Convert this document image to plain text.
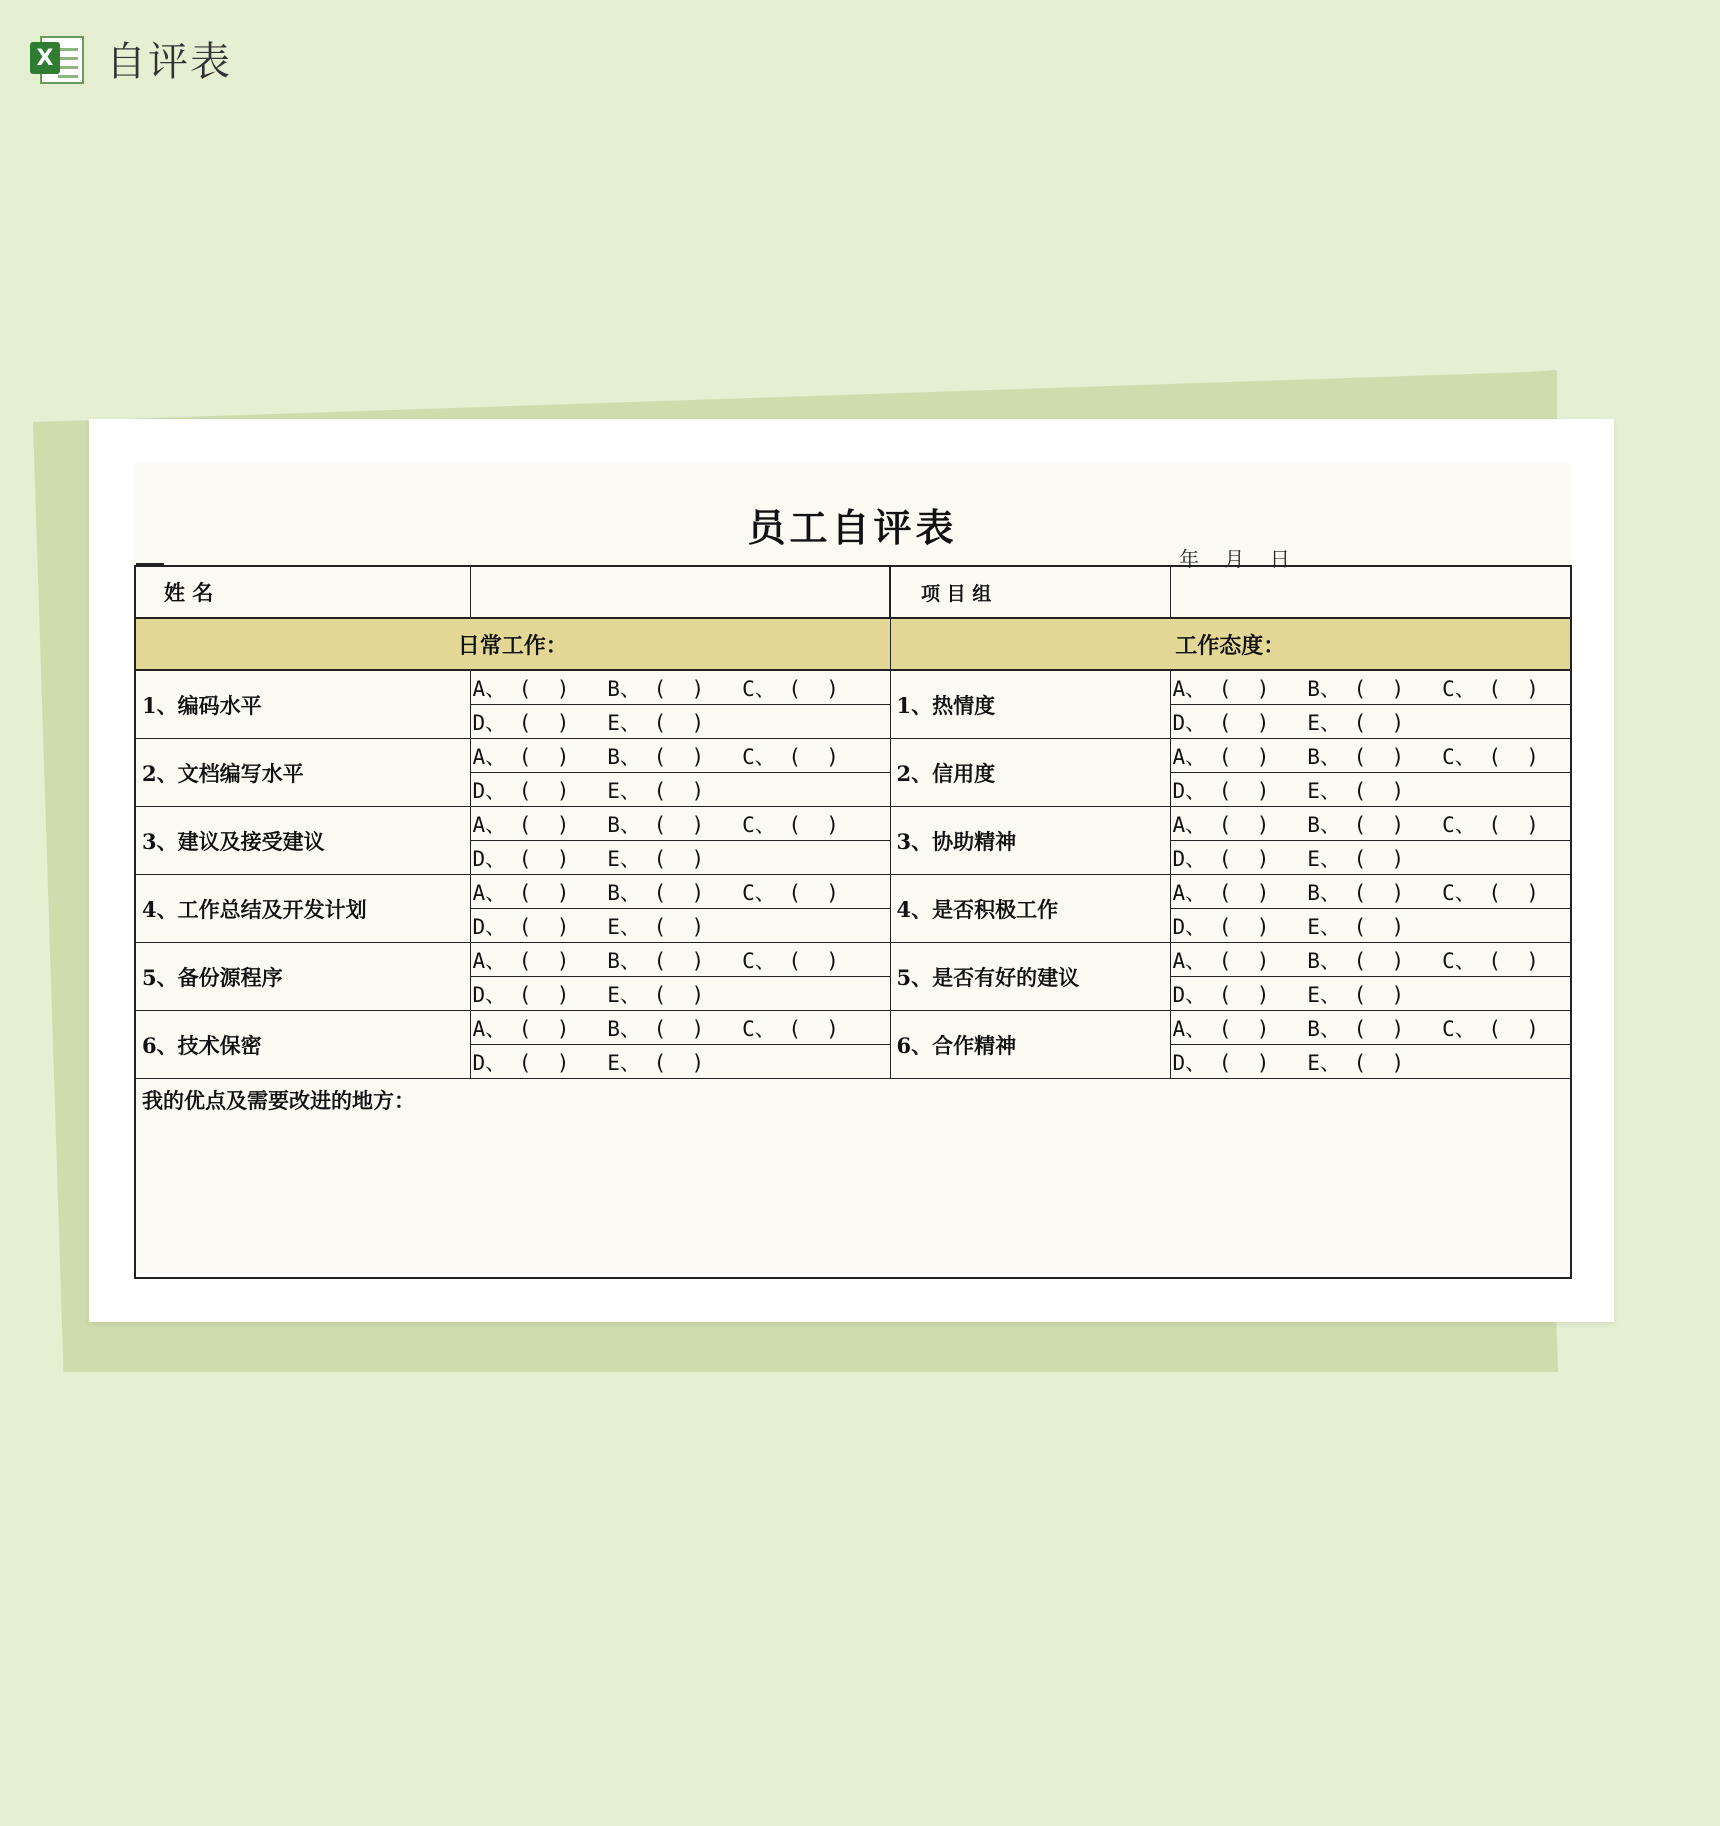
X 自评表
员工自评表
年    月    日
姓 名		项 目 组	
日常工作：		工作态度：	
1、编码水平	A、 (  )   B、 (  )   C、 (  )	1、热情度	A、 (  )   B、 (  )   C、 (  )
	D、 (  )   E、 (  )		D、 (  )   E、 (  )
2、文档编写水平	A、 (  )   B、 (  )   C、 (  )	2、信用度	A、 (  )   B、 (  )   C、 (  )
	D、 (  )   E、 (  )		D、 (  )   E、 (  )
3、建议及接受建议	A、 (  )   B、 (  )   C、 (  )	3、协助精神	A、 (  )   B、 (  )   C、 (  )
	D、 (  )   E、 (  )		D、 (  )   E、 (  )
4、工作总结及开发计划	A、 (  )   B、 (  )   C、 (  )	4、是否积极工作	A、 (  )   B、 (  )   C、 (  )
	D、 (  )   E、 (  )		D、 (  )   E、 (  )
5、备份源程序	A、 (  )   B、 (  )   C、 (  )	5、是否有好的建议	A、 (  )   B、 (  )   C、 (  )
	D、 (  )   E、 (  )		D、 (  )   E、 (  )
6、技术保密	A、 (  )   B、 (  )   C、 (  )	6、合作精神	A、 (  )   B、 (  )   C、 (  )
	D、 (  )   E、 (  )		D、 (  )   E、 (  )
我的优点及需要改进的地方：			
